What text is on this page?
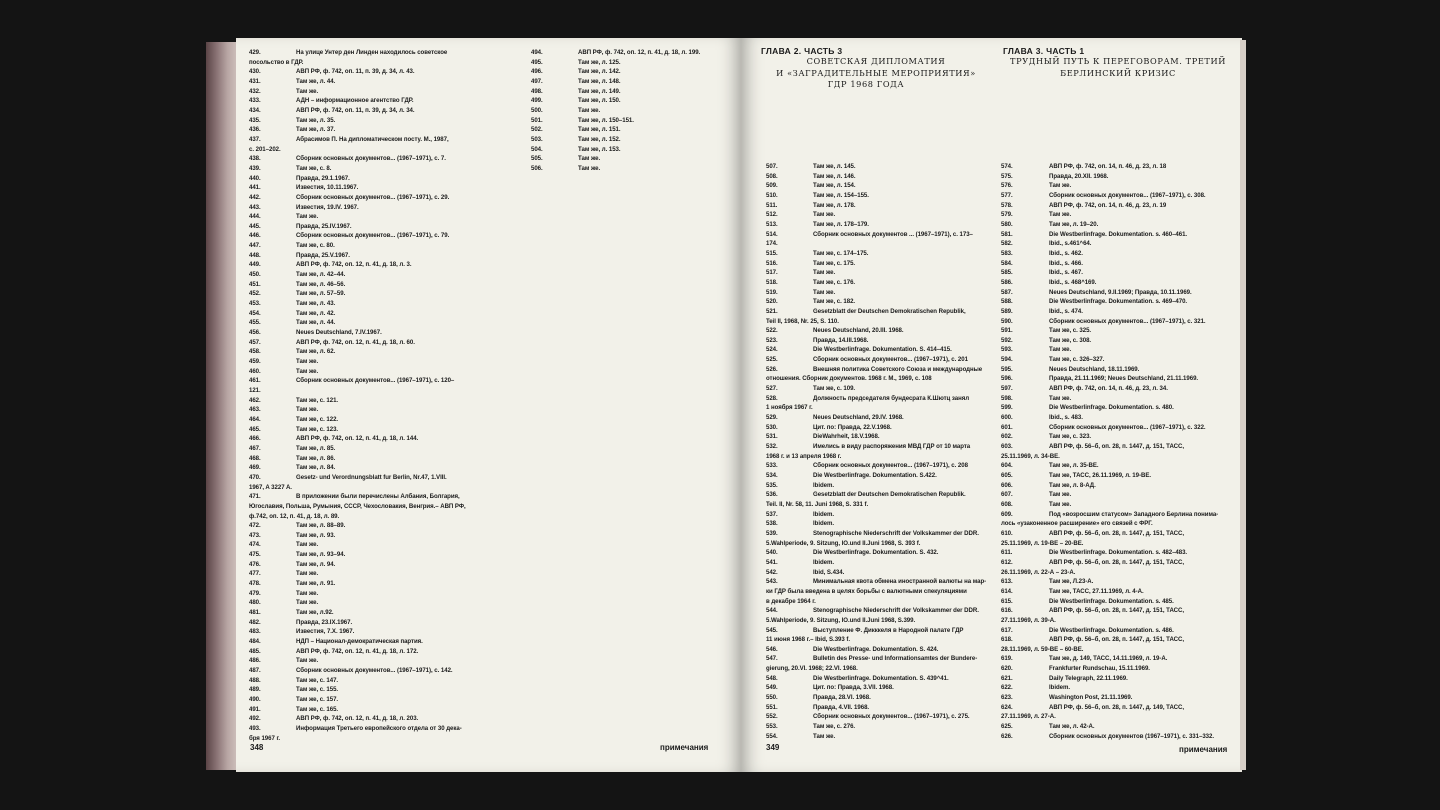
429.	На улице Унтер ден Линден находилось советское
посольство в ГДР.
430.	АВП РФ, ф. 742, оп. 11, п. 39, д. 34, л. 43.
431.	Там же, л. 44.
432.	Там же.
433.	АДН – информационное агентство ГДР.
434.	АВП РФ, ф. 742, оп. 11, п. 39, д. 34, л. 34.
435.	Там же, л. 35.
436.	Там же, л. 37.
437.	Абрасимов П. На дипломатическом посту. М., 1987,
с. 201–202.
438.	Сборник основных документов... (1967–1971), с. 7.
439.	Там же, с. 8.
440.	Правда, 29.1.1967.
441.	Известия, 10.11.1967.
442.	Сборник основных документов... (1967–1971), с. 29.
443.	Известия, 19.IV. 1967.
444.	Там же.
445.	Правда, 25.IV.1967.
446.	Сборник основных документов... (1967–1971), с. 79.
447.	Там же, с. 80.
448.	Правда, 25.V.1967.
449.	АВП РФ, ф. 742, оп. 12, п. 41, д. 18, л. 3.
450.	Там же, л. 42–44.
451.	Там же, л. 46–56.
452.	Там же, л. 57–59.
453.	Там же, л. 43.
454.	Там же, л. 42.
455.	Там же, л. 44.
456.	Neues Deutschland, 7.IV.1967.
457.	АВП РФ, ф. 742, оп. 12, п. 41, д. 18, л. 60.
458.	Там же, л. 62.
459.	Там же.
460.	Там же.
461.	Сборник основных документов... (1967–1971), с. 120–
121.
462.	Там же, с. 121.
463.	Там же.
464.	Там же, с. 122.
465.	Там же, с. 123.
466.	АВП РФ, ф. 742, оп. 12, п. 41, д. 18, л. 144.
467.	Там же, л. 85.
468.	Там же, л. 86.
469.	Там же, л. 84.
470.	Gesetz- und Verordnungsblatt fur Berlin, Nr.47, 1.VIII.
1967, A 3227 A.
471.	В приложении были перечислены Албания, Болгария,
Югославия, Польша, Румыния, СССР, Чехословакия, Венгрия.– АВП РФ,
ф.742, оп. 12, п. 41, д. 18, л. 89.
472.	Там же, л. 88–89.
473.	Там же, л. 93.
474.	Там же.
475.	Там же, л. 93–94.
476.	Там же, л. 94.
477.	Там же.
478.	Там же, л. 91.
479.	Там же.
480.	Там же.
481.	Там же, л.92.
482.	Правда, 23.IX.1967.
483.	Известия, 7.X. 1967.
484.	НДП – Национал-демократическая партия.
485.	АВП РФ, ф. 742, оп. 12, п. 41, д. 18, л. 172.
486.	Там же.
487.	Сборник основных документов... (1967–1971), с. 142.
488.	Там же, с. 147.
489.	Там же, с. 155.
490.	Там же, с. 157.
491.	Там же, с. 165.
492.	АВП РФ, ф. 742, оп. 12, п. 41, д. 18, л. 203.
493.	Информация Третьего европейского отдела от 30 дека-
бря 1967 г.
494.	АВП РФ, ф. 742, оп. 12, п. 41, д. 18, л. 199.
495.	Там же, л. 125.
496.	Там же, л. 142.
497.	Там же, л. 148.
498.	Там же, л. 149.
499.	Там же, л. 150.
500.	Там же.
501.	Там же, л. 150–151.
502.	Там же, л. 151.
503.	Там же, л. 152.
504.	Там же, л. 153.
505.	Там же.
506.	Там же.
348	примечания
ГЛАВА 2. ЧАСТЬ 3
СОВЕТСКАЯ ДИПЛОМАТИЯ
И «ЗАГРАДИТЕЛЬНЫЕ МЕРОПРИЯТИЯ»
ГДР 1968 ГОДА
ГЛАВА 3. ЧАСТЬ 1
ТРУДНЫЙ ПУТЬ К ПЕРЕГОВОРАМ. ТРЕТИЙ
БЕРЛИНСКИЙ КРИЗИС
507.	Там же, л. 145.
508.	Там же, л. 146.
509.	Там же, л. 154.
510.	Там же, л. 154–155.
511.	Там же, л. 178.
512.	Там же.
513.	Там же, л. 178–179.
514.	Сборник основных документов ... (1967–1971), с. 173–
174.
515.	Там же, с. 174–175.
516.	Там же, с. 175.
517.	Там же.
518.	Там же, с. 176.
519.	Там же.
520.	Там же, с. 182.
521.	Gesetzblatt der Deutschen Demokratischen Republik,
Teil II, 1968, Nr. 25, S. 110.
522.	Neues Deutschland, 20.III. 1968.
523.	Правда, 14.III.1968.
524.	Die Westberlinfrage. Dokumentation. S. 414–415.
525.	Сборник основных документов... (1967–1971), с. 201
526.	Внешняя политика Советского Союза и международные
отношения. Сборник документов. 1968 г. М., 1969, с. 108
527.	Там же, с. 109.
528.	Должность председателя бундесрата К.Шютц занял
1 ноября 1967 г.
529.	Neues Deutschland, 29.IV. 1968.
530.	Цит. по: Правда, 22.V.1968.
531.	DieWahrheit, 18.V.1968.
532.	Имелись в виду распоряжения МВД ГДР от 10 марта
1968 г. и 13 апреля 1968 г.
533.	Сборник основных документов... (1967–1971), с. 208
534.	Die Westberlinfrage. Dokumentation. S.422.
535.	Ibidem.
536.	Gesetzblatt der Deutschen Demokratischen Republik.
Teil. II, Nr. 58, 11. Juni 1968, S. 331 f.
537.	Ibidem.
538.	Ibidem.
539.	Stenographische Niederschrift der Volkskammer der DDR.
5.Wahlperiode, 9. Sitzung, IO.und II.Juni 1968, S. 393 f.
540.	Die Westberlinfrage. Dokumentation. S. 432.
541.	Ibidem.
542.	Ibid, S.434.
543.	Минимальная квота обмена иностранной валюты на мар-
ки ГДР была введена в целях борьбы с валютными спекуляциями
в декабре 1964 г.
544.	Stenographische Niederschrift der Volkskammer der DDR.
5.Wahlperiode, 9. Sitzung, IO.und II.Juni 1968, S.399.
545.	Выступление Ф. Дикккеля в Народной палате ГДР
11 июня 1968 г.– Ibid, S.393 f.
546.	Die Westberlinfrage. Dokumentation. S. 424.
547.	Bulletin des Presse- und Informationsamtes der Bundere-
gierung, 20.VI. 1968; 22.VI. 1968.
548.	Die Westberlinfrage. Dokumentation. S. 439^41.
549.	Цит. по: Правда, 3.VII. 1968.
550.	Правда, 28.VI. 1968.
551.	Правда, 4.VII. 1968.
552.	Сборник основных документов... (1967–1971), с. 275.
553.	Там же, с. 276.
554.	Там же.
574.	АВП РФ, ф. 742, оп. 14, п. 46, д. 23, л. 18
575.	Правда, 20.XII. 1968.
576.	Там же.
577.	Сборник основных документов... (1967–1971), с. 308.
578.	АВП РФ, ф. 742, оп. 14, п. 46, д. 23, л. 19
579.	Там же.
580.	Там же, л. 19–20.
581.	Die Westberlinfrage. Dokumentation. s. 460–461.
582.	Ibid., s.461^64.
583.	Ibid., s. 462.
584.	Ibid., s. 466.
585.	Ibid., s. 467.
586.	Ibid., s. 468^169.
587.	Neues Deutschland, 9.II.1969; Правда, 10.11.1969.
588.	Die Westberlinfrage. Dokumentation. s. 469–470.
589.	Ibid., s. 474.
590.	Сборник основных документов... (1967–1971), с. 321.
591.	Там же, с. 325.
592.	Там же, с. 308.
593.	Там же.
594.	Там же, с. 326–327.
595.	Neues Deutschland, 18.11.1969.
596.	Правда, 21.11.1969; Neues Deutschland, 21.11.1969.
597.	АВП РФ, ф. 742, оп. 14, п. 46, д. 23, л. 34.
598.	Там же.
599.	Die Westberlinfrage. Dokumentation. s. 480.
600.	Ibid., s. 483.
601.	Сборник основных документов... (1967–1971), с. 322.
602.	Там же, с. 323.
603.	АВП РФ, ф. 56–б, оп. 28, п. 1447, д. 151, ТАСС,
25.11.1969, л. 34-ВЕ.
604.	Там же, л. 35-ВЕ.
605.	Там же, ТАСС, 26.11.1969, л. 19-ВЕ.
606.	Там же, л. 8-АД.
607.	Там же.
608.	Там же.
609.	Под «возросшим статусом» Западного Берлина понима-
лось «узаконенное расширение» его связей с ФРГ.
610.	АВП РФ, ф. 56–б, оп. 28, п. 1447, д. 151, ТАСС,
25.11.1969, л. 19-ВЕ – 20-ВЕ.
611.	Die Westberlinfrage. Dokumentation. s. 482–483.
612.	АВП РФ, ф. 56–б, оп. 28, п. 1447, д. 151, ТАСС,
26.11.1969, л. 22-А – 23-А.
613.	Там же, Л.23-А.
614.	Там же, ТАСС, 27.11.1969, л. 4-А.
615.	Die Westberlinfrage. Dokumentation. s. 485.
616.	АВП РФ, ф. 56–б, оп. 28, п. 1447, д. 151, ТАСС,
27.11.1969, л. 39-А.
617.	Die Westberlinfrage. Dokumentation. s. 486.
618.	АВП РФ, ф. 56–б, оп. 28, п. 1447, д. 151, ТАСС,
28.11.1969, л. 59-ВЕ – 60-ВЕ.
619.	Там же, д. 149, ТАСС, 14.11.1969, л. 19-А.
620.	Frankfurter Rundschau, 15.11.1969.
621.	Daily Telegraph, 22.11.1969.
622.	Ibidem.
623.	Washington Post, 21.11.1969.
624.	АВП РФ, ф. 56–б, оп. 28, п. 1447, д. 149, ТАСС,
27.11.1969, л. 27-А.
625.	Там же, л. 42-А.
626.	Сборник основных документов (1967–1971), с. 331–332.
349	примечания
